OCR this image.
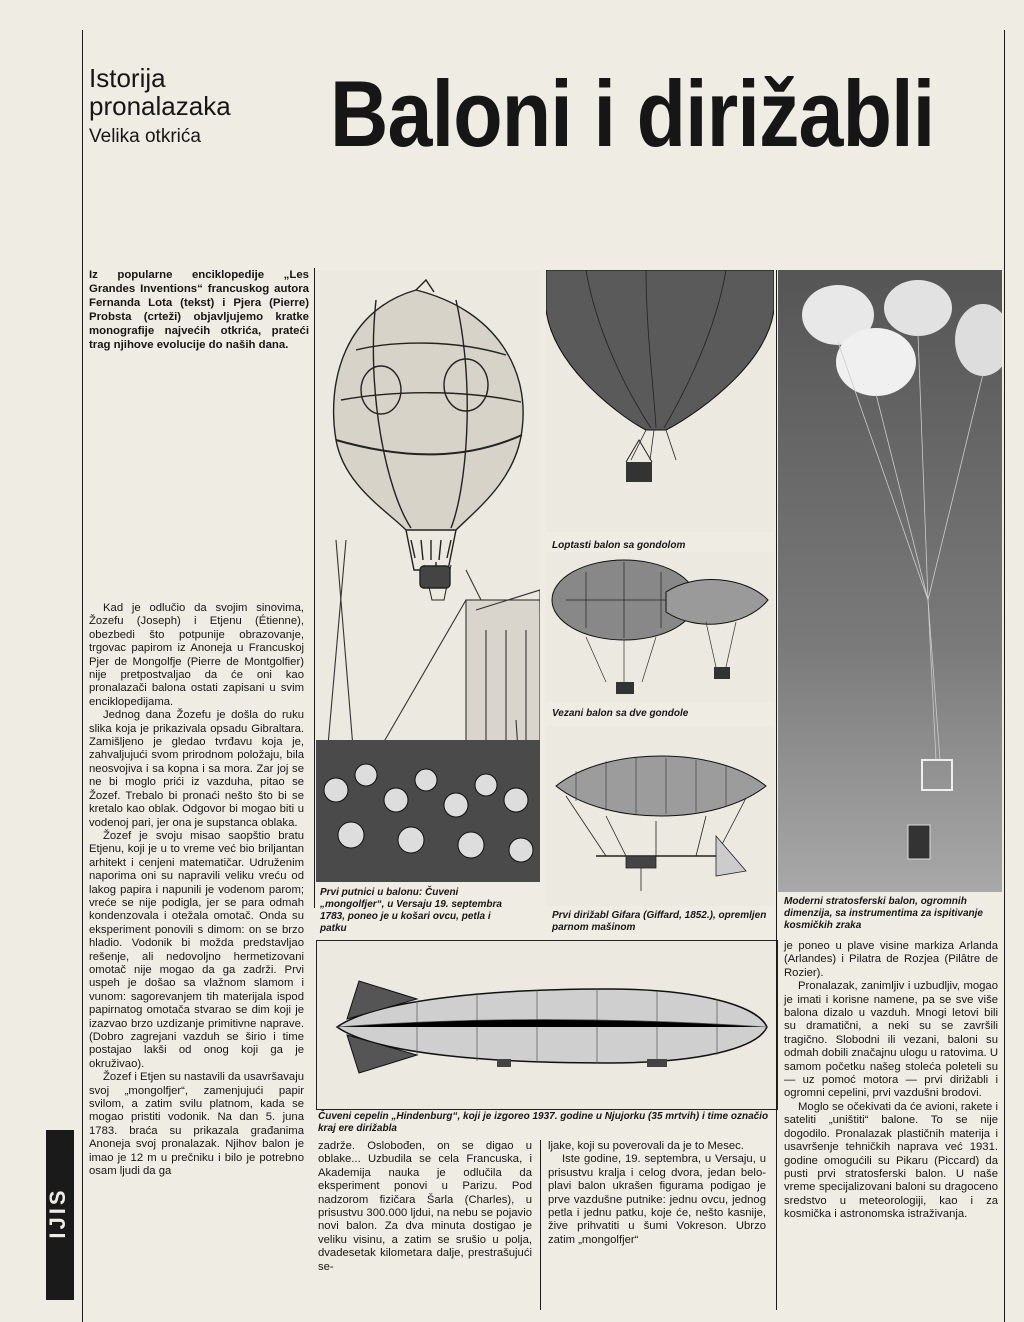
Istorija pronalazaka
Velika otkrića Baloni i dirižabli
Iz popularne enciklopedije „Les Grandes Inventions“ francuskog autora Fernanda Lota (tekst) i Pjera (Pierre) Probsta (crteži) objavljujemo kratke monografije najvećih otkrića, prateći trag njihove evolucije do naših dana.
Prvi putnici u balonu: Čuveni „mongolfjer“, u Versaju 19. septembra 1783, poneo je u košari ovcu, petla i patku
Loptasti balon sa gondolom
Vezani balon sa dve gondole
Prvi dirižabl Gifara (Giffard, 1852.), opremljen parnom mašinom
Moderni stratosferski balon, ogromnih dimenzija, sa instrumentima za ispitivanje kosmičkih zraka
Čuveni cepelin „Hindenburg“, koji je izgoreo 1937. godine u Njujorku (35 mrtvih) i time označio kraj ere dirižabla

Kad je odlučio da svojim sinovima, Žozefu (Joseph) i Etjenu (Étienne), obezbedi što potpunije obrazovanje, trgovac papirom iz Anoneja u Francuskoj Pjer de Mongolfje (Pierre de Montgolfier) nije pretpostvaljao da će oni kao pronalazači balona ostati zapisani u svim enciklopedijama.

Jednog dana Žozefu je došla do ruku slika koja je prikazivala opsadu Gibraltara. Zamišljeno je gledao tvrđavu koja je, zahvaljujući svom prirodnom položaju, bila neosvojiva i sa kopna i sa mora. Zar joj se ne bi moglo prići iz vazduha, pitao se Žozef. Trebalo bi pronaći nešto što bi se kretalo kao oblak. Odgovor bi mogao biti u vodenoj pari, jer ona je supstanca oblaka.

Žozef je svoju misao saopštio bratu Etjenu, koji je u to vreme već bio briljantan arhitekt i cenjeni matematičar. Udruženim naporima oni su napravili veliku vreću od lakog papira i napunili je vodenom parom; vreće se nije podigla, jer se para odmah kondenzovala i otežala omotač. Onda su eksperiment ponovili s dimom: on se brzo hladio. Vodonik bi možda predstavljao rešenje, ali nedovoljno hermetizovani omotač nije mogao da ga zadrži. Prvi uspeh je došao sa vlažnom slamom i vunom: sagorevanjem tih materijala ispod papirnatog omotača stvarao se dim koji je izazvao brzo uzdizanje primitivne naprave. (Dobro zagrejani vazduh se širio i time postajao lakši od onog koji ga je okruživao).

Žozef i Etjen su nastavili da usavršavaju svoj „mongolfjer“, zamenjujući papir svilom, a zatim svilu platnom, kada se mogao pristiti vodonik. Na dan 5. juna 1783. braća su prikazala građanima Anoneja svoj pronalazak. Njihov balon je imao je 12 m u prečniku i bilo je potrebno osam ljudi da ga

zadrže. Oslobođen, on se digao u oblake... Uzbudila se cela Francuska, i Akademija nauka je odlučila da eksperiment ponovi u Parizu. Pod nadzorom fizičara Šarla (Charles), u prisustvu 300.000 ljdui, na nebu se pojavio novi balon. Za dva minuta dostigao je veliku visinu, a zatim se srušio u polja, dvadesetak kilometara dalje, prestrašujući se-

ljake, koji su poverovali da je to Mesec.

Iste godine, 19. septembra, u Versaju, u prisustvu kralja i celog dvora, jedan belo-plavi balon ukrašen figurama podigao je prve vazdušne putnike: jednu ovcu, jednog petla i jednu patku, koje će, nešto kasnije, žive prihvatiti u šumi Vokreson. Ubrzo zatim „mongolfjer“

je poneo u plave visine markiza Arlanda (Arlandes) i Pilatra de Rozjea (Pilâtre de Rozier).

Pronalazak, zanimljiv i uzbudljiv, mogao je imati i korisne namene, pa se sve više balona dizalo u vazduh. Mnogi letovi bili su dramatični, a neki su se završili tragično. Slobodni ili vezani, baloni su odmah dobili značajnu ulogu u ratovima. U samom početku našeg stoleća poleteli su — uz pomoć motora — prvi dirižabli i ogromni cepelini, prvi vazdušni brodovi.

Moglo se očekivati da će avioni, rakete i sateliti „uništiti“ balone. To se nije dogodilo. Pronalazak plastičnih materija i usavršenje tehničkih naprava već 1931. godine omogućili su Pikaru (Piccard) da pusti prvi stratosferski balon. U naše vreme specijalizovani baloni su dragoceno sredstvo u meteorologiji, kao i za kosmička i astronomska istraživanja.

IJIS
